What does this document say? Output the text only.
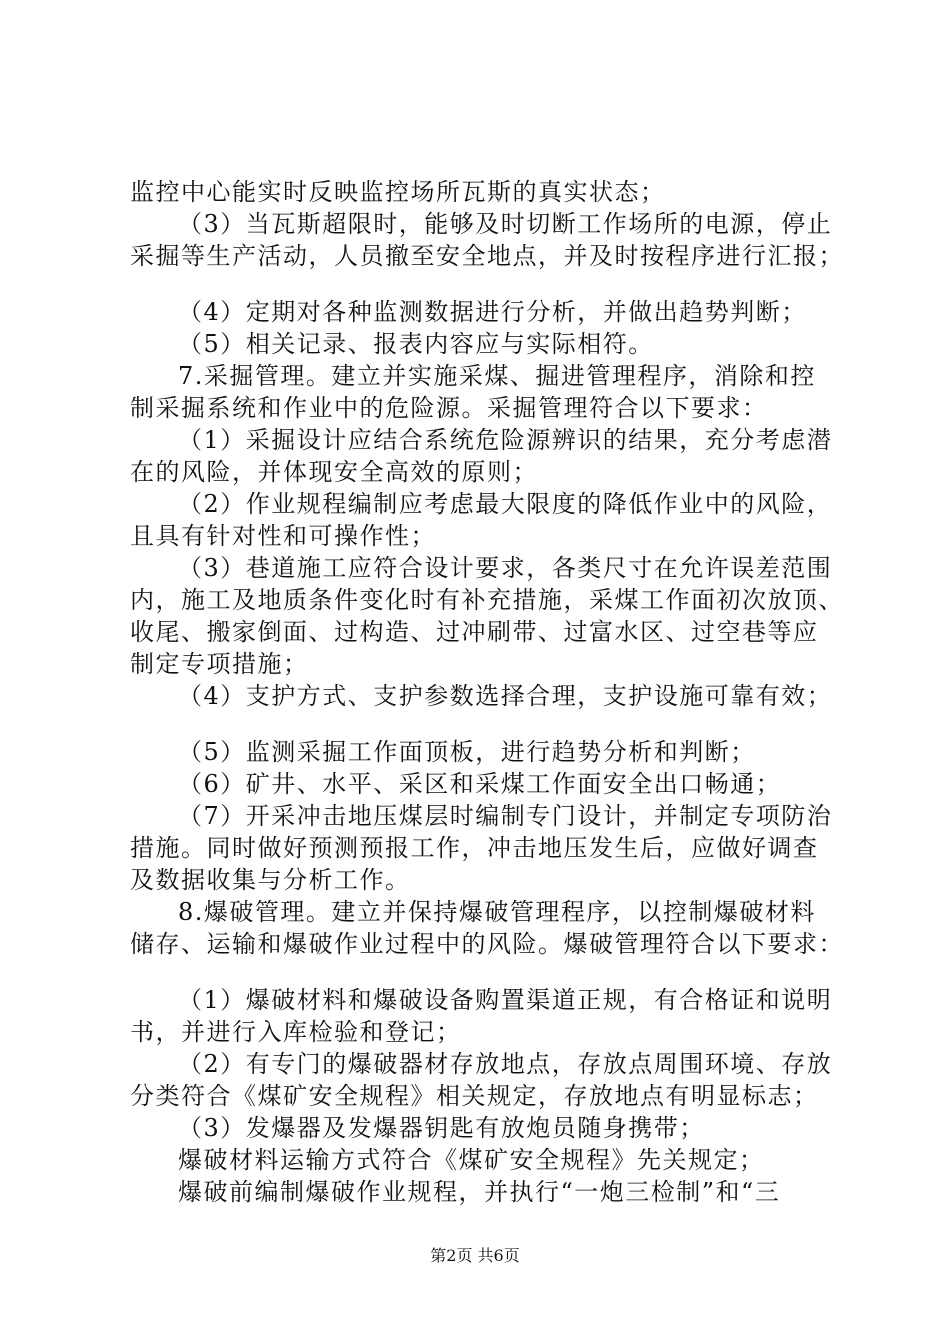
监控中心能实时反映监控场所瓦斯的真实状态；
（3）当瓦斯超限时，能够及时切断工作场所的电源，停止
采掘等生产活动，人员撤至安全地点，并及时按程序进行汇报；
（4）定期对各种监测数据进行分析，并做出趋势判断；
（5）相关记录、报表内容应与实际相符。
7.采掘管理。建立并实施采煤、掘进管理程序，消除和控
制采掘系统和作业中的危险源。采掘管理符合以下要求：
（1）采掘设计应结合系统危险源辨识的结果，充分考虑潜
在的风险，并体现安全高效的原则；
（2）作业规程编制应考虑最大限度的降低作业中的风险，
且具有针对性和可操作性；
（3）巷道施工应符合设计要求，各类尺寸在允许误差范围
内，施工及地质条件变化时有补充措施，采煤工作面初次放顶、
收尾、搬家倒面、过构造、过冲刷带、过富水区、过空巷等应
制定专项措施；
（4）支护方式、支护参数选择合理，支护设施可靠有效；
（5）监测采掘工作面顶板，进行趋势分析和判断；
（6）矿井、水平、采区和采煤工作面安全出口畅通；
（7）开采冲击地压煤层时编制专门设计，并制定专项防治
措施。同时做好预测预报工作，冲击地压发生后，应做好调查
及数据收集与分析工作。
8.爆破管理。建立并保持爆破管理程序，以控制爆破材料
储存、运输和爆破作业过程中的风险。爆破管理符合以下要求：
（1）爆破材料和爆破设备购置渠道正规，有合格证和说明
书，并进行入库检验和登记；
（2）有专门的爆破器材存放地点，存放点周围环境、存放
分类符合《煤矿安全规程》相关规定，存放地点有明显标志；
（3）发爆器及发爆器钥匙有放炮员随身携带；
爆破材料运输方式符合《煤矿安全规程》先关规定；
爆破前编制爆破作业规程，并执行“一炮三检制”和“三
第2页 共6页
